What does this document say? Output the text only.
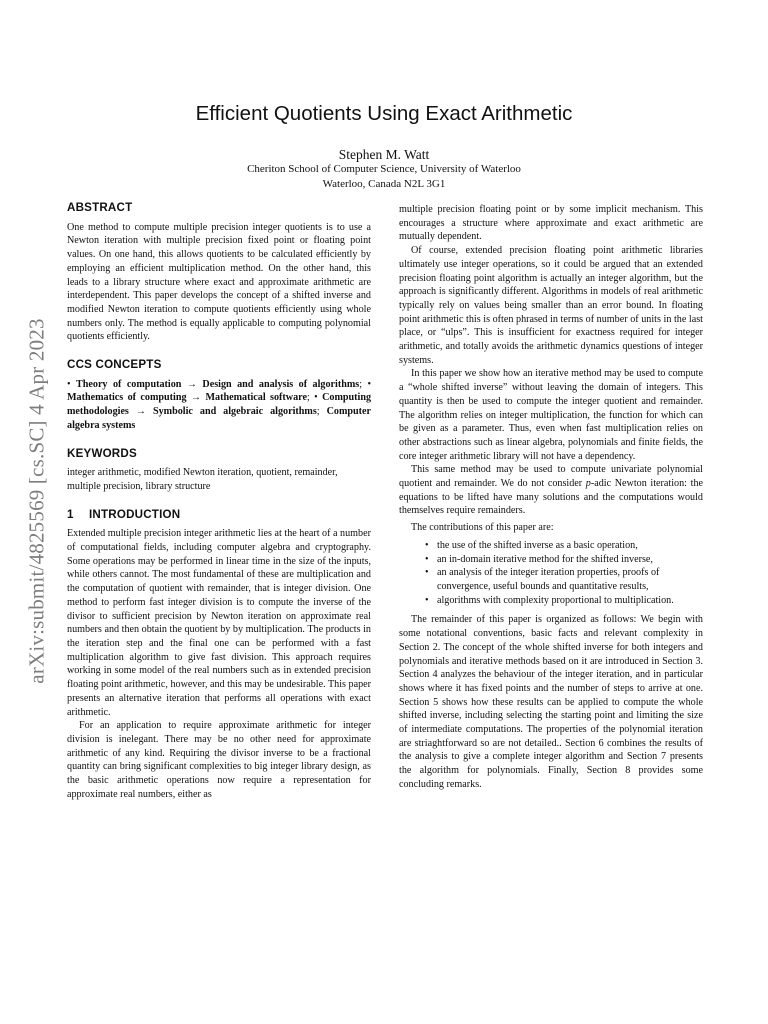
arXiv:submit/4825569 [cs.SC] 4 Apr 2023
Efficient Quotients Using Exact Arithmetic
Stephen M. Watt
Cheriton School of Computer Science, University of Waterloo
Waterloo, Canada N2L 3G1
ABSTRACT

One method to compute multiple precision integer quotients is to use a Newton iteration with multiple precision fixed point or floating point values. On one hand, this allows quotients to be calculated efficiently by employing an efficient multiplication method. On the other hand, this leads to a library structure where exact and approximate arithmetic are interdependent. This paper develops the concept of a shifted inverse and modified Newton iteration to compute quotients efficiently using whole numbers only. The method is equally applicable to computing polynomial quotients efficiently.

CCS CONCEPTS

• Theory of computation → Design and analysis of algorithms; • Mathematics of computing → Mathematical software; • Computing methodologies → Symbolic and algebraic algorithms; Computer algebra systems

KEYWORDS

integer arithmetic, modified Newton iteration, quotient, remainder, multiple precision, library structure

1 INTRODUCTION

Extended multiple precision integer arithmetic lies at the heart of a number of computational fields, including computer algebra and cryptography. Some operations may be performed in linear time in the size of the inputs, while others cannot. The most fundamental of these are multiplication and the computation of quotient with remainder, that is integer division. One method to perform fast integer division is to compute the inverse of the divisor to sufficient precision by Newton iteration on approximate real numbers and then obtain the quotient by by multiplication. The products in the iteration step and the final one can be performed with a fast multiplication algorithm to give fast division. This approach requires working in some model of the real numbers such as in extended precision floating point arithmetic, however, and this may be undesirable. This paper presents an alternative iteration that performs all operations with exact arithmetic.

For an application to require approximate arithmetic for integer division is inelegant. There may be no other need for approximate arithmetic of any kind. Requiring the divisor inverse to be a fractional quantity can bring significant complexities to big integer library design, as the basic arithmetic operations now require a representation for approximate real numbers, either as

multiple precision floating point or by some implicit mechanism. This encourages a structure where approximate and exact arithmetic are mutually dependent.

Of course, extended precision floating point arithmetic libraries ultimately use integer operations, so it could be argued that an extended precision floating point algorithm is actually an integer algorithm, but the approach is significantly different. Algorithms in models of real arithmetic typically rely on values being smaller than an error bound. In floating point arithmetic this is often phrased in terms of number of units in the last place, or “ulps”. This is insufficient for exactness required for integer arithmetic, and totally avoids the arithmetic dynamics questions of integer systems.

In this paper we show how an iterative method may be used to compute a “whole shifted inverse” without leaving the domain of integers. This quantity is then be used to compute the integer quotient and remainder. The algorithm relies on integer multiplication, the function for which can be given as a parameter. Thus, even when fast multiplication relies on other abstractions such as linear algebra, polynomials and finite fields, the core integer arithmetic library will not have a dependency.

This same method may be used to compute univariate polynomial quotient and remainder. We do not consider p-adic Newton iteration: the equations to be lifted have many solutions and the computations would themselves require remainders.

The contributions of this paper are:

• the use of the shifted inverse as a basic operation,
• an in-domain iterative method for the shifted inverse,
• an analysis of the integer iteration properties, proofs of convergence, useful bounds and quantitative results,
• algorithms with complexity proportional to multiplication.

The remainder of this paper is organized as follows: We begin with some notational conventions, basic facts and relevant complexity in Section 2. The concept of the whole shifted inverse for both integers and polynomials and iterative methods based on it are introduced in Section 3. Section 4 analyzes the behaviour of the integer iteration, and in particular shows where it has fixed points and the number of steps to arrive at one. Section 5 shows how these results can be applied to compute the whole shifted inverse, including selecting the starting point and limiting the size of intermediate computations. The properties of the polynomial iteration are striaghtforward so are not detailed.. Section 6 combines the results of the analysis to give a complete integer algorithm and Section 7 presents the algorithm for polynomials. Finally, Section 8 provides some concluding remarks.
